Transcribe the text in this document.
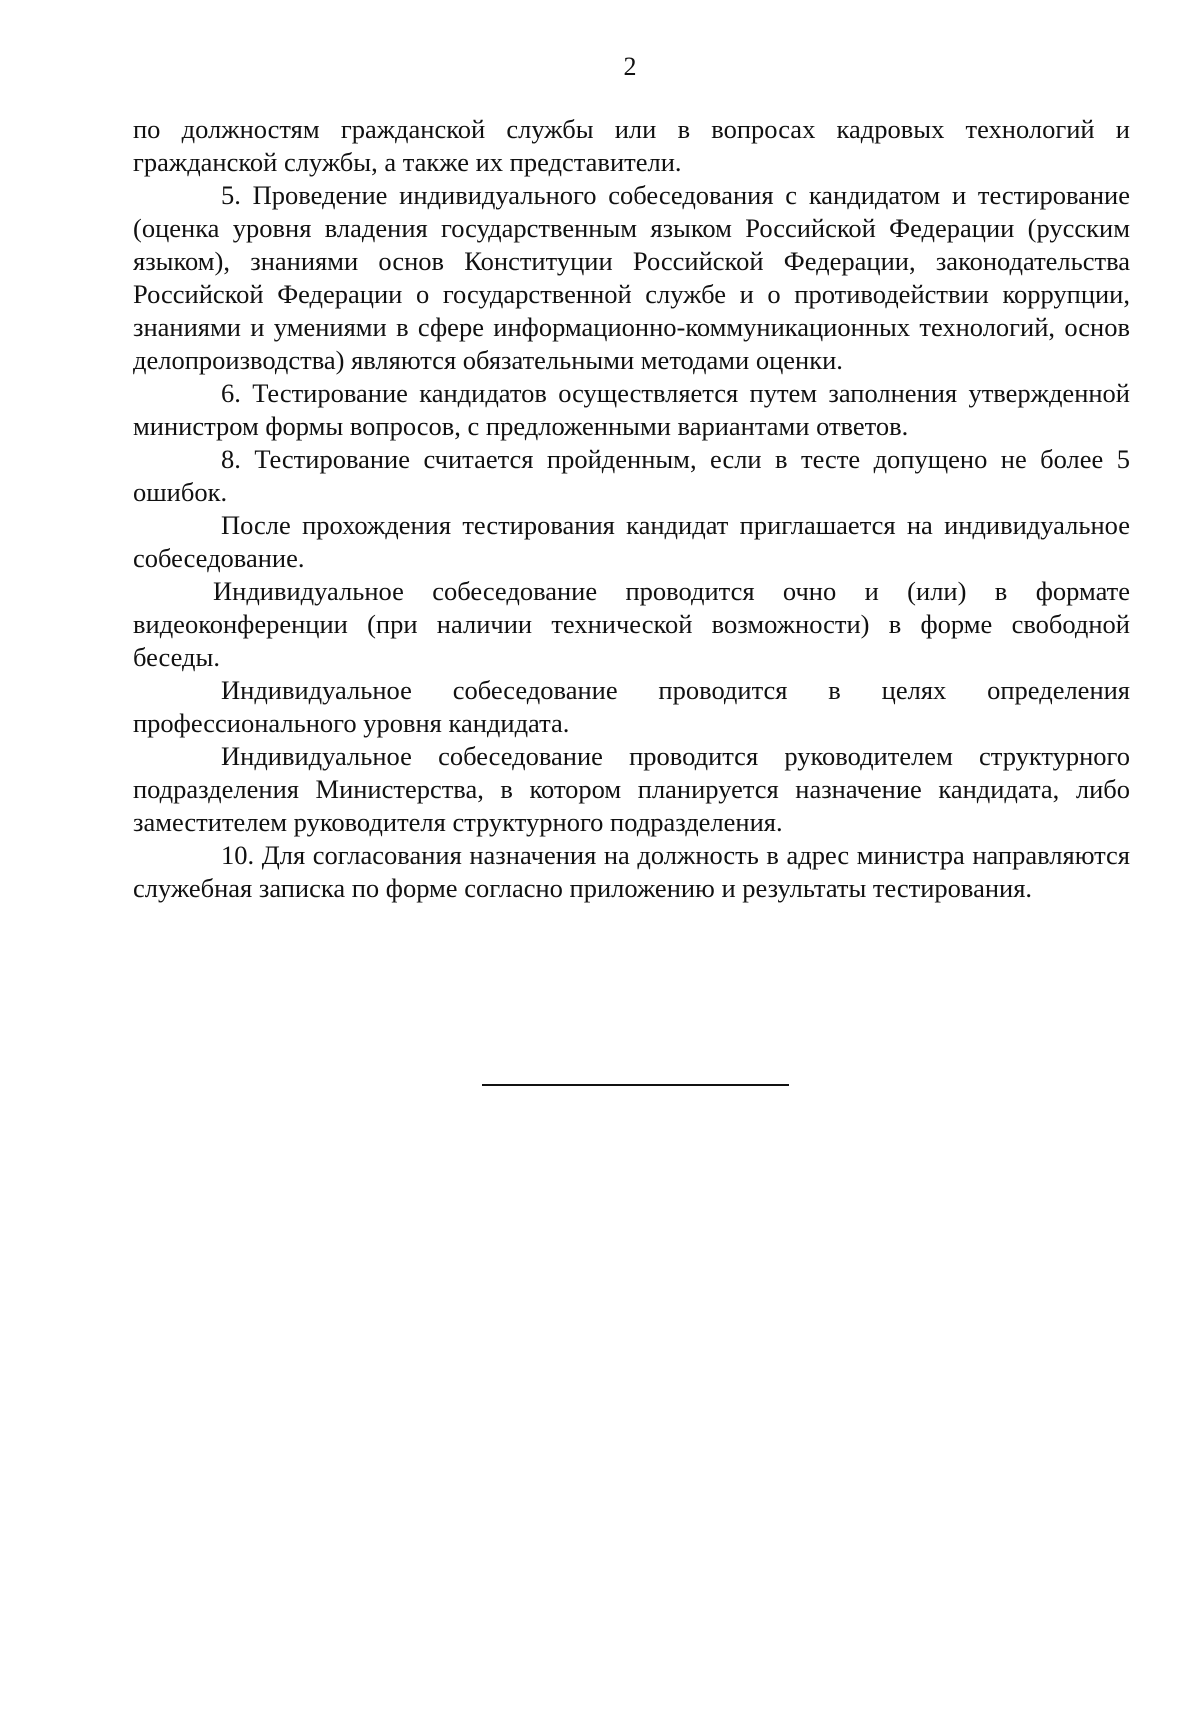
2

по должностям гражданской службы или в вопросах кадровых технологий и гражданской службы, а также их представители.

5. Проведение индивидуального собеседования с кандидатом и тестирование (оценка уровня владения государственным языком Российской Федерации (русским языком), знаниями основ Конституции Российской Федерации, законодательства Российской Федерации о государственной службе и о противодействии коррупции, знаниями и умениями в сфере информационно-коммуникационных технологий, основ делопроизводства) являются обязательными методами оценки.

6. Тестирование кандидатов осуществляется путем заполнения утвержденной министром формы вопросов, с предложенными вариантами ответов.

8. Тестирование считается пройденным, если в тесте допущено не более 5 ошибок.

После прохождения тестирования кандидат приглашается на индивидуальное собеседование.

Индивидуальное собеседование проводится очно и (или) в формате видеоконференции (при наличии технической возможности) в форме свободной беседы.

Индивидуальное собеседование проводится в целях определения профессионального уровня кандидата.

Индивидуальное собеседование проводится руководителем структурного подразделения Министерства, в котором планируется назначение кандидата, либо заместителем руководителя структурного подразделения.

10. Для согласования назначения на должность в адрес министра направляются служебная записка по форме согласно приложению и результаты тестирования.
